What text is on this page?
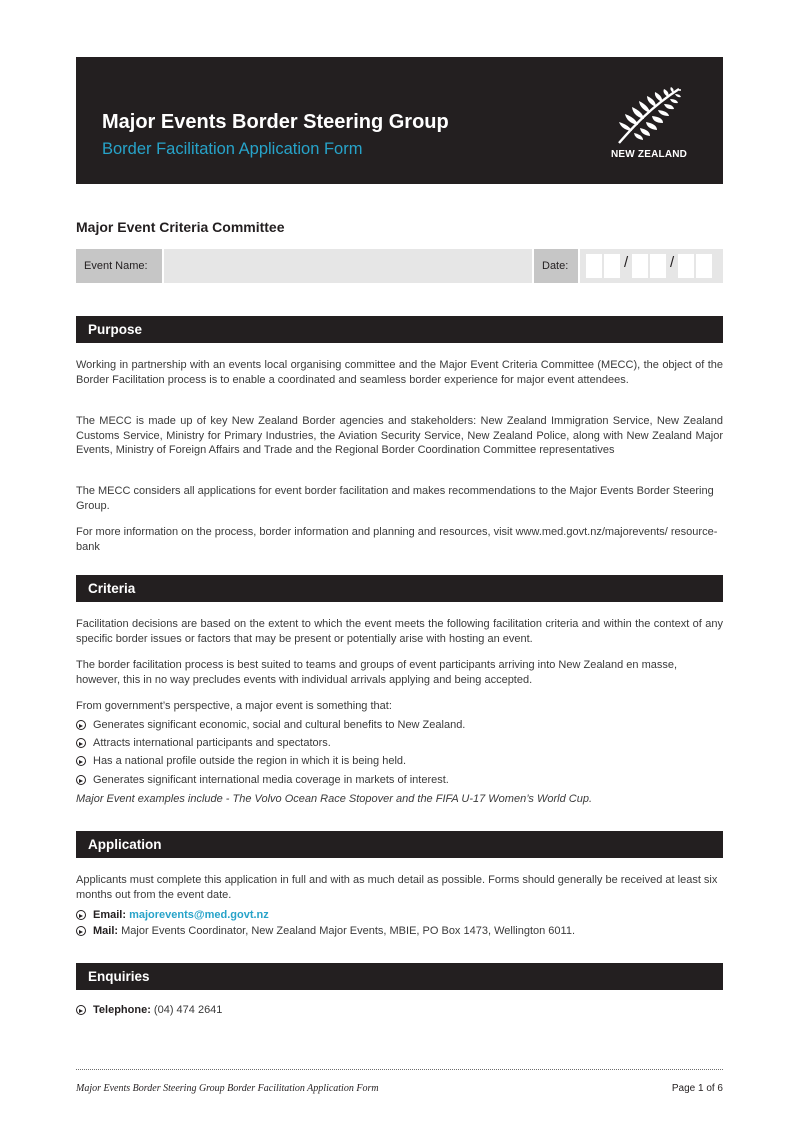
Major Events Border Steering Group
Border Facilitation Application Form	NEW ZEALAND
Major Event Criteria Committee
Event Name:	Date:	/	/
Purpose
Working in partnership with an events local organising committee and the Major Event Criteria Committee (MECC), the object of the Border Facilitation process is to enable a coordinated and seamless border experience for major event attendees.
The MECC is made up of key New Zealand Border agencies and stakeholders: New Zealand Immigration Service, New Zealand Customs Service, Ministry for Primary Industries, the Aviation Security Service, New Zealand Police, along with New Zealand Major Events, Ministry of Foreign Affairs and Trade and the Regional Border Coordination Committee representatives
The MECC considers all applications for event border facilitation and makes recommendations to the Major Events Border Steering Group.
For more information on the process, border information and planning and resources, visit www.med.govt.nz/majorevents/ resource-bank
Criteria
Facilitation decisions are based on the extent to which the event meets the following facilitation criteria and within the context of any specific border issues or factors that may be present or potentially arise with hosting an event.
The border facilitation process is best suited to teams and groups of event participants arriving into New Zealand en masse, however, this in no way precludes events with individual arrivals applying and being accepted.
From government’s perspective, a major event is something that:
Generates significant economic, social and cultural benefits to New Zealand.
Attracts international participants and spectators.
Has a national profile outside the region in which it is being held.
Generates significant international media coverage in markets of interest.
Major Event examples include - The Volvo Ocean Race Stopover and the FIFA U-17 Women’s World Cup.
Application
Applicants must complete this application in full and with as much detail as possible. Forms should generally be received at least six months out from the event date.
Email: majorevents@med.govt.nz
Mail: Major Events Coordinator, New Zealand Major Events, MBIE, PO Box 1473, Wellington 6011.
Enquiries
Telephone: (04) 474 2641
Major Events Border Steering Group Border Facilitation Application Form	Page 1 of 6
